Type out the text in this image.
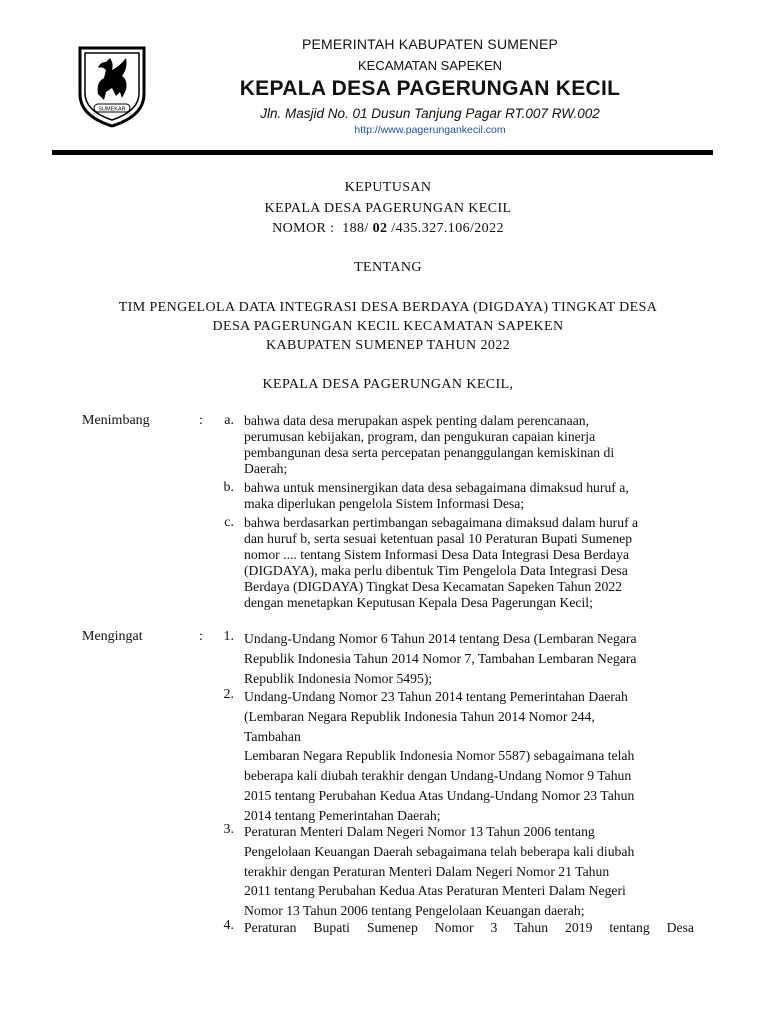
SUMEKAR
PEMERINTAH KABUPATEN SUMENEP
KECAMATAN SAPEKEN
KEPALA DESA PAGERUNGAN KECIL
Jln. Masjid No. 01 Dusun Tanjung Pagar RT.007 RW.002
http://www.pagerungankecil.com
KEPUTUSAN
KEPALA DESA PAGERUNGAN KECIL
NOMOR :  188/ 02 /435.327.106/2022
TENTANG
TIM PENGELOLA DATA INTEGRASI DESA BERDAYA (DIGDAYA) TINGKAT DESA
DESA PAGERUNGAN KECIL KECAMATAN SAPEKEN
KABUPATEN SUMENEP TAHUN 2022
KEPALA DESA PAGERUNGAN KECIL,
Menimbang	:	a. bahwa data desa merupakan aspek penting dalam perencanaan,
perumusan kebijakan, program, dan pengukuran capaian kinerja
pembangunan desa serta percepatan penanggulangan kemiskinan di
Daerah;
b. bahwa untuk mensinergikan data desa sebagaimana dimaksud huruf a,
maka diperlukan pengelola Sistem Informasi Desa;
c. bahwa berdasarkan pertimbangan sebagaimana dimaksud dalam huruf a
dan huruf b, serta sesuai ketentuan pasal 10 Peraturan Bupati Sumenep
nomor .... tentang Sistem Informasi Desa Data Integrasi Desa Berdaya
(DIGDAYA), maka perlu dibentuk Tim Pengelola Data Integrasi Desa
Berdaya (DIGDAYA) Tingkat Desa Kecamatan Sapeken Tahun 2022
dengan menetapkan Keputusan Kepala Desa Pagerungan Kecil;
Mengingat	:	1. Undang-Undang Nomor 6 Tahun 2014 tentang Desa (Lembaran Negara
Republik Indonesia Tahun 2014 Nomor 7, Tambahan Lembaran Negara
Republik Indonesia Nomor 5495);
2. Undang-Undang Nomor 23 Tahun 2014 tentang Pemerintahan Daerah
(Lembaran Negara Republik Indonesia Tahun 2014 Nomor 244,
Tambahan
Lembaran Negara Republik Indonesia Nomor 5587) sebagaimana telah
beberapa kali diubah terakhir dengan Undang-Undang Nomor 9 Tahun
2015 tentang Perubahan Kedua Atas Undang-Undang Nomor 23 Tahun
2014 tentang Pemerintahan Daerah;
3. Peraturan Menteri Dalam Negeri Nomor 13 Tahun 2006 tentang
Pengelolaan Keuangan Daerah sebagaimana telah beberapa kali diubah
terakhir dengan Peraturan Menteri Dalam Negeri Nomor 21 Tahun
2011 tentang Perubahan Kedua Atas Peraturan Menteri Dalam Negeri
Nomor 13 Tahun 2006 tentang Pengelolaan Keuangan daerah;
4. Peraturan Bupati Sumenep Nomor 3 Tahun 2019 tentang Desa
